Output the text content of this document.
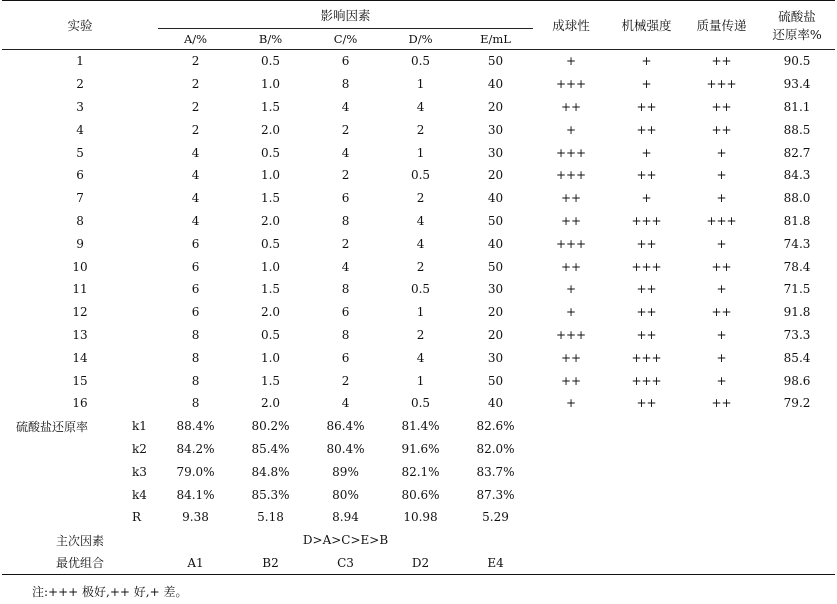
实验		影响因素					成球性	机械强度	质量传递	硫酸盐
还原率%
		A/%	B/%	C/%	D/%	E/mL				
1		2	0.5	6	0.5	50	+	+	++	90.5
2		2	1.0	8	1	40	+++	+	+++	93.4
3		2	1.5	4	4	20	++	++	++	81.1
4		2	2.0	2	2	30	+	++	++	88.5
5		4	0.5	4	1	30	+++	+	+	82.7
6		4	1.0	2	0.5	20	+++	++	+	84.3
7		4	1.5	6	2	40	++	+	+	88.0
8		4	2.0	8	4	50	++	+++	+++	81.8
9		6	0.5	2	4	40	+++	++	+	74.3
10		6	1.0	4	2	50	++	+++	++	78.4
11		6	1.5	8	0.5	30	+	++	+	71.5
12		6	2.0	6	1	20	+	++	++	91.8
13		8	0.5	8	2	20	+++	++	+	73.3
14		8	1.0	6	4	30	++	+++	+	85.4
15		8	1.5	2	1	50	++	+++	+	98.6
16		8	2.0	4	0.5	40	+	++	++	79.2
硫酸盐还原率	k1	88.4%	80.2%	86.4%	81.4%	82.6%				
	k2	84.2%	85.4%	80.4%	91.6%	82.0%				
	k3	79.0%	84.8%	89%	82.1%	83.7%				
	k4	84.1%	85.3%	80%	80.6%	87.3%				
	R	9.38	5.18	8.94	10.98	5.29				
主次因素		D>A>C>E>B								
最优组合		A1	B2	C3	D2	E4				
注:+++ 极好,++ 好,+ 差。
